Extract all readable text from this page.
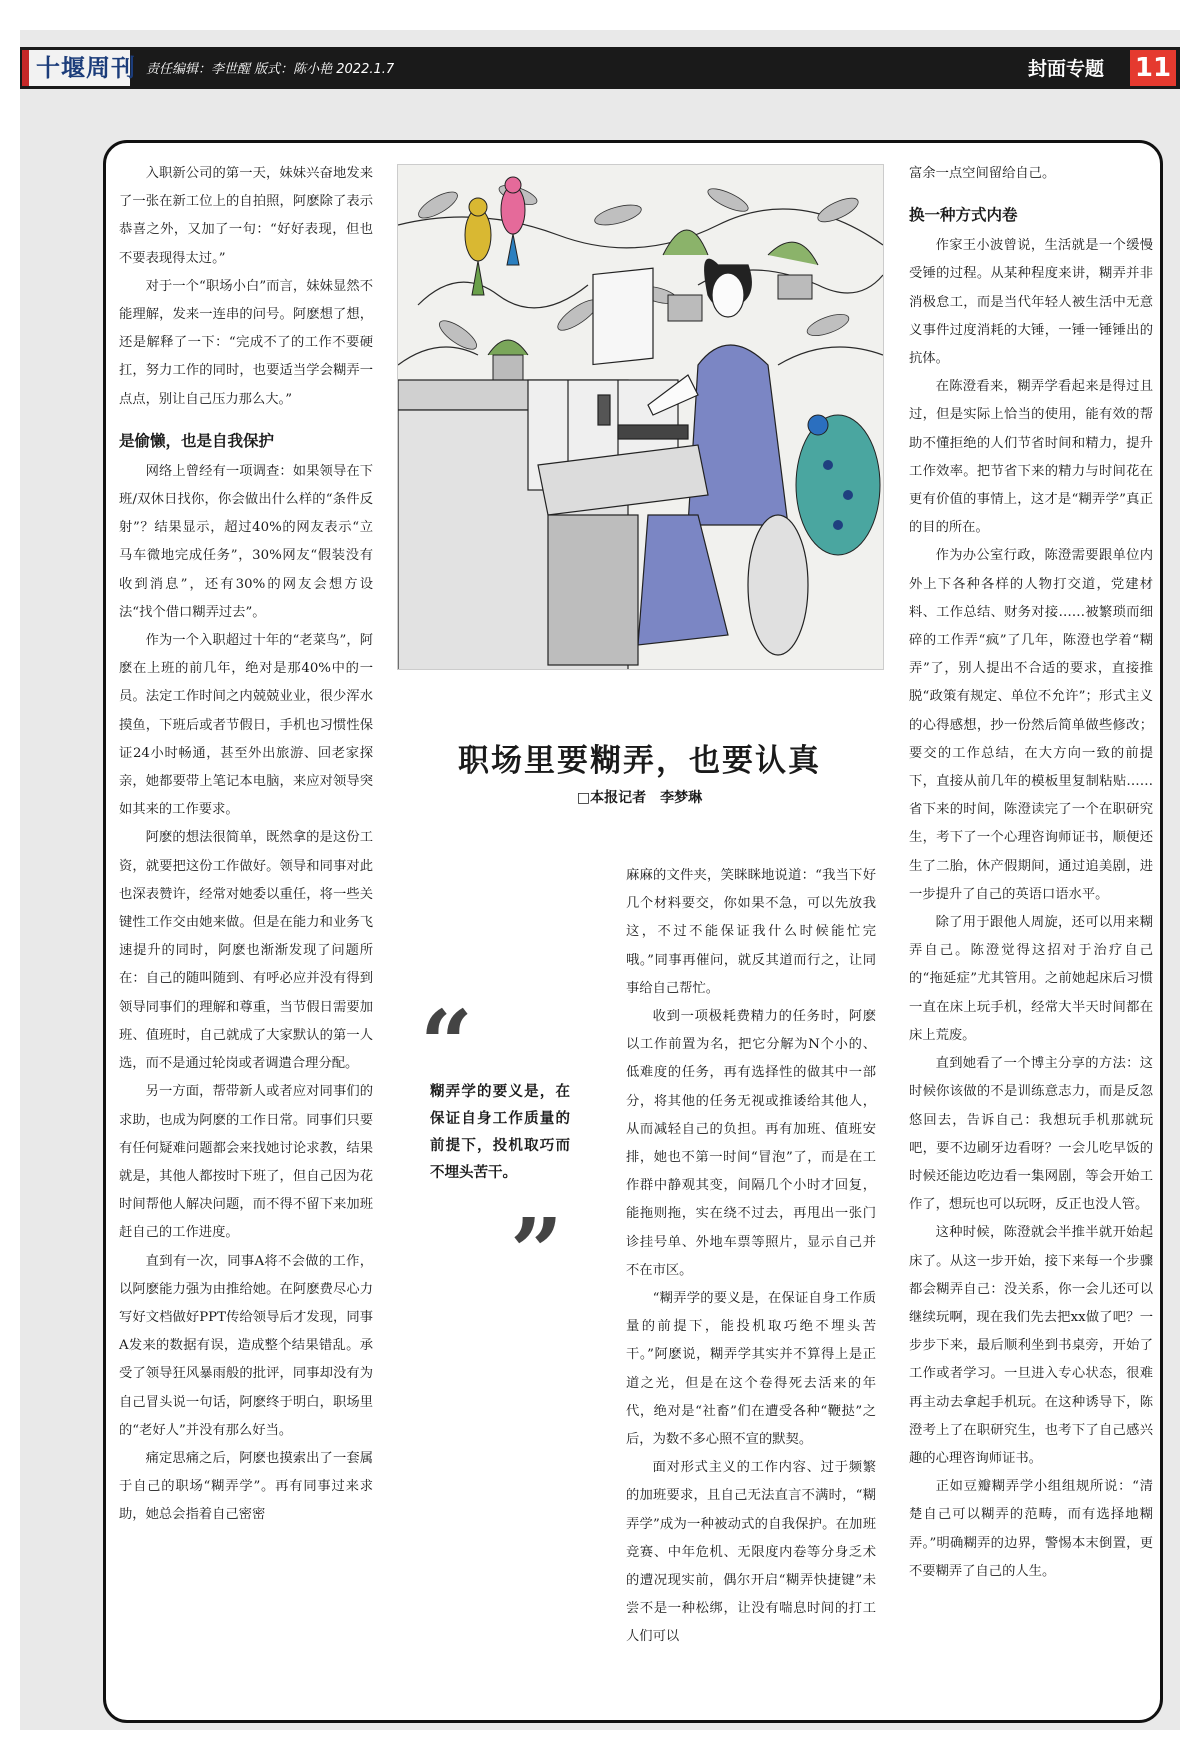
十堰周刊 责任编辑：李世醒 版式：陈小艳 2022.1.7	封面专题 11

入职新公司的第一天，妹妹兴奋地发来了一张在新工位上的自拍照，阿麽除了表示恭喜之外，又加了一句：“好好表现，但也不要表现得太过。”

对于一个“职场小白”而言，妹妹显然不能理解，发来一连串的问号。阿麽想了想，还是解释了一下：“完成不了的工作不要硬扛，努力工作的同时，也要适当学会糊弄一点点，别让自己压力那么大。”

是偷懒，也是自我保护

网络上曾经有一项调查：如果领导在下班/双休日找你，你会做出什么样的“条件反射”？结果显示，超过40%的网友表示“立马车微地完成任务”，30%网友“假装没有收到消息”，还有30%的网友会想方设法“找个借口糊弄过去”。

作为一个入职超过十年的“老菜鸟”，阿麽在上班的前几年，绝对是那40%中的一员。法定工作时间之内兢兢业业，很少浑水摸鱼，下班后或者节假日，手机也习惯性保证24小时畅通，甚至外出旅游、回老家探亲，她都要带上笔记本电脑，来应对领导突如其来的工作要求。

阿麽的想法很简单，既然拿的是这份工资，就要把这份工作做好。领导和同事对此也深表赞许，经常对她委以重任，将一些关键性工作交由她来做。但是在能力和业务飞速提升的同时，阿麽也渐渐发现了问题所在：自己的随叫随到、有呼必应并没有得到领导同事们的理解和尊重，当节假日需要加班、值班时，自己就成了大家默认的第一人选，而不是通过轮岗或者调遣合理分配。

另一方面，帮带新人或者应对同事们的求助，也成为阿麽的工作日常。同事们只要有任何疑难问题都会来找她讨论求教，结果就是，其他人都按时下班了，但自己因为花时间帮他人解决问题，而不得不留下来加班赶自己的工作进度。

直到有一次，同事A将不会做的工作，以阿麽能力强为由推给她。在阿麽费尽心力写好文档做好PPT传给领导后才发现，同事A发来的数据有误，造成整个结果错乱。承受了领导狂风暴雨般的批评，同事却没有为自己冒头说一句话，阿麽终于明白，职场里的“老好人”并没有那么好当。

痛定思痛之后，阿麽也摸索出了一套属于自己的职场“糊弄学”。再有同事过来求助，她总会指着自己密密

职场里要糊弄，也要认真
□本报记者　李梦琳
“
糊弄学的要义是，在保证自身工作质量的前提下，投机取巧而不埋头苦干。
”

麻麻的文件夹，笑眯眯地说道：“我当下好几个材料要交，你如果不急，可以先放我这，不过不能保证我什么时候能忙完哦。”同事再催问，就反其道而行之，让同事给自己帮忙。

收到一项极耗费精力的任务时，阿麽以工作前置为名，把它分解为N个小的、低难度的任务，再有选择性的做其中一部分，将其他的任务无视或推诿给其他人，从而减轻自己的负担。再有加班、值班安排，她也不第一时间“冒泡”了，而是在工作群中静观其变，间隔几个小时才回复，能拖则拖，实在绕不过去，再甩出一张门诊挂号单、外地车票等照片，显示自己并不在市区。

“糊弄学的要义是，在保证自身工作质量的前提下，能投机取巧绝不埋头苦干。”阿麽说，糊弄学其实并不算得上是正道之光，但是在这个卷得死去活来的年代，绝对是“社畜”们在遭受各种“鞭挞”之后，为数不多心照不宣的默契。

面对形式主义的工作内容、过于频繁的加班要求，且自己无法直言不满时，“糊弄学”成为一种被动式的自我保护。在加班竞赛、中年危机、无限度内卷等分身乏术的遭况现实前，偶尔开启“糊弄快捷键”未尝不是一种松绑，让没有喘息时间的打工人们可以

富余一点空间留给自己。

换一种方式内卷

作家王小波曾说，生活就是一个缓慢受锤的过程。从某种程度来讲，糊弄并非消极怠工，而是当代年轻人被生活中无意义事件过度消耗的大锤，一锤一锤锤出的抗体。

在陈澄看来，糊弄学看起来是得过且过，但是实际上恰当的使用，能有效的帮助不懂拒绝的人们节省时间和精力，提升工作效率。把节省下来的精力与时间花在更有价值的事情上，这才是“糊弄学”真正的目的所在。

作为办公室行政，陈澄需要跟单位内外上下各种各样的人物打交道，党建材料、工作总结、财务对接……被繁琐而细碎的工作弄“疯”了几年，陈澄也学着“糊弄”了，别人提出不合适的要求，直接推脱“政策有规定、单位不允许”；形式主义的心得感想，抄一份然后简单做些修改；要交的工作总结，在大方向一致的前提下，直接从前几年的模板里复制粘贴……省下来的时间，陈澄读完了一个在职研究生，考下了一个心理咨询师证书，顺便还生了二胎，休产假期间，通过追美剧，进一步提升了自己的英语口语水平。

除了用于跟他人周旋，还可以用来糊弄自己。陈澄觉得这招对于治疗自己的“拖延症”尤其管用。之前她起床后习惯一直在床上玩手机，经常大半天时间都在床上荒废。

直到她看了一个博主分享的方法：这时候你该做的不是训练意志力，而是反忽悠回去，告诉自己：我想玩手机那就玩吧，要不边刷牙边看呀？一会儿吃早饭的时候还能边吃边看一集网剧，等会开始工作了，想玩也可以玩呀，反正也没人管。

这种时候，陈澄就会半推半就开始起床了。从这一步开始，接下来每一个步骤都会糊弄自己：没关系，你一会儿还可以继续玩啊，现在我们先去把xx做了吧？一步步下来，最后顺利坐到书桌旁，开始了工作或者学习。一旦进入专心状态，很难再主动去拿起手机玩。在这种诱导下，陈澄考上了在职研究生，也考下了自己感兴趣的心理咨询师证书。

正如豆瓣糊弄学小组组规所说：“清楚自己可以糊弄的范畴，而有选择地糊弄。”明确糊弄的边界，警惕本末倒置，更不要糊弄了自己的人生。
